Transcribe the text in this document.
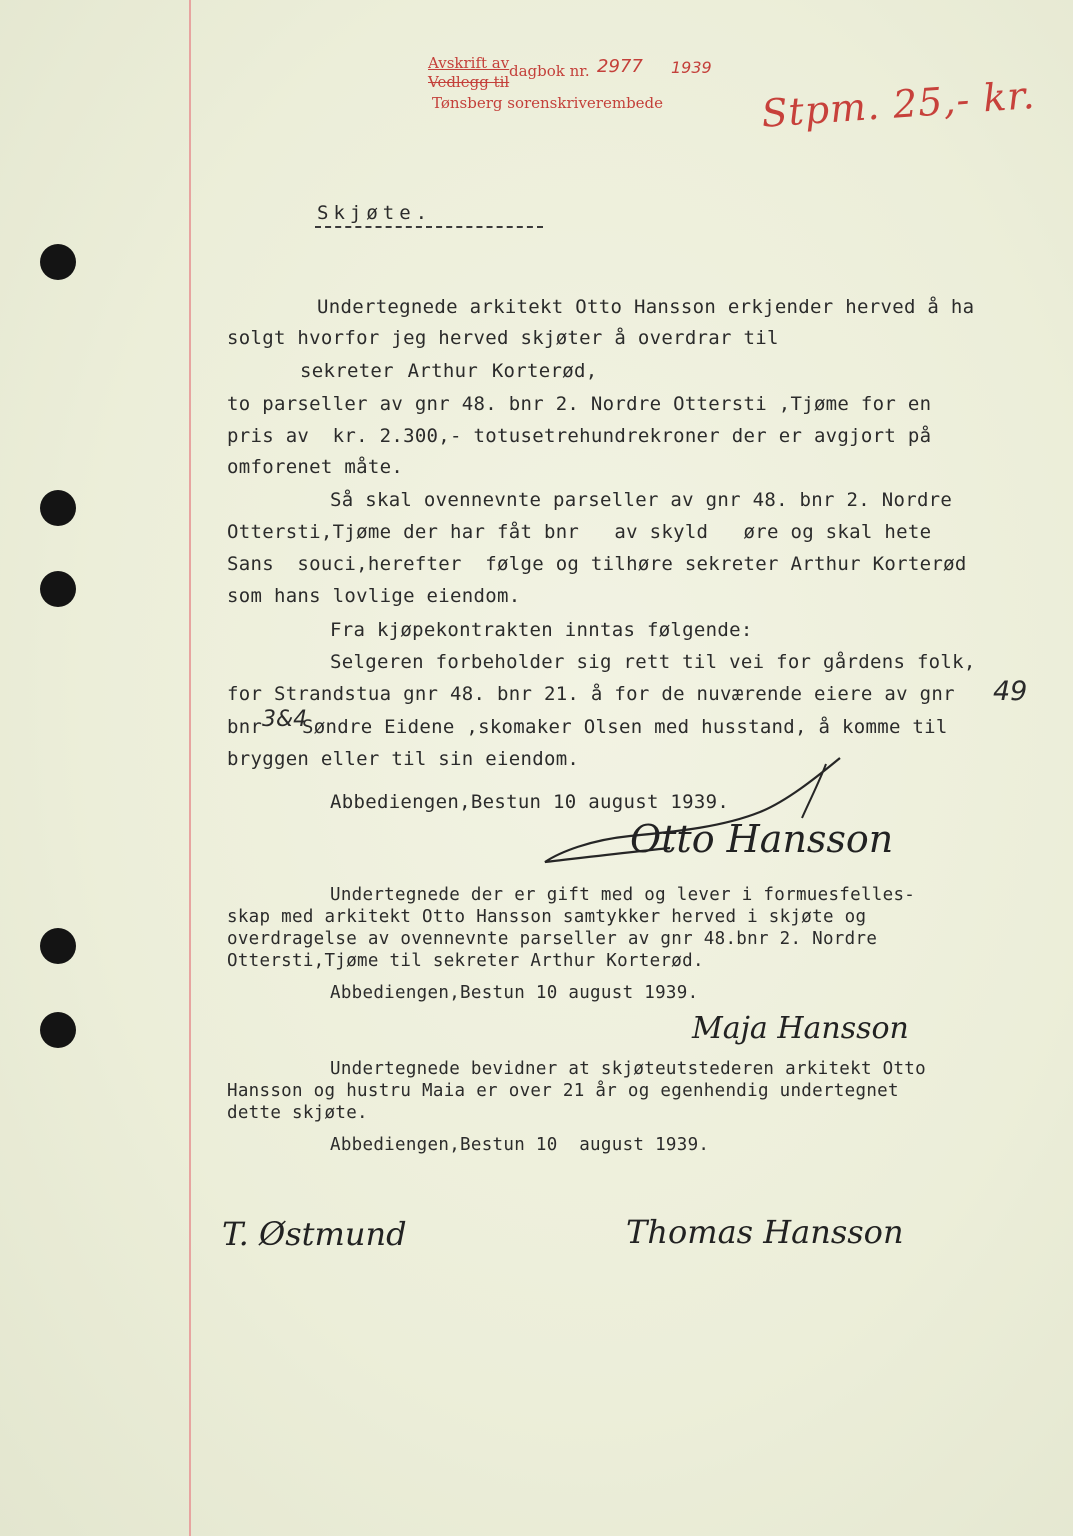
Avskrift av
Vedlegg til
dagbok nr. 2977 1939
Tønsberg sorenskriverembede	Stpm. 25,- kr.
Skjøte.
Undertegnede arkitekt Otto Hansson erkjender herved å ha
solgt hvorfor jeg herved skjøter å overdrar til
sekreter Arthur Korterød,
to parseller av gnr 48. bnr 2. Nordre Ottersti ,Tjøme for en
pris av  kr. 2.300,- totusetrehundrekroner der er avgjort på
omforenet måte.
Så skal ovennevnte parseller av gnr 48. bnr 2. Nordre
Ottersti,Tjøme der har fåt bnr   av skyld   øre og skal hete
Sans  souci,herefter  følge og tilhøre sekreter Arthur Korterød
som hans lovlige eiendom.
Fra kjøpekontrakten inntas følgende:
Selgeren forbeholder sig rett til vei for gårdens folk,
for Strandstua gnr 48. bnr 21. å for de nuværende eiere av gnr 49
bnr 3&4
Søndre Eidene ,skomaker Olsen med husstand, å komme til
bryggen eller til sin eiendom.
Abbediengen,Bestun 10 august 1939.
Otto Hansson
Undertegnede der er gift med og lever i formuesfelles-
skap med arkitekt Otto Hansson samtykker herved i skjøte og
overdragelse av ovennevnte parseller av gnr 48.bnr 2. Nordre
Ottersti,Tjøme til sekreter Arthur Korterød.
Abbediengen,Bestun 10 august 1939.
Maja Hansson
Undertegnede bevidner at skjøteutstederen arkitekt Otto
Hansson og hustru Maia er over 21 år og egenhendig undertegnet
dette skjøte.
Abbediengen,Bestun 10  august 1939.
T. Østmund	Thomas Hansson
